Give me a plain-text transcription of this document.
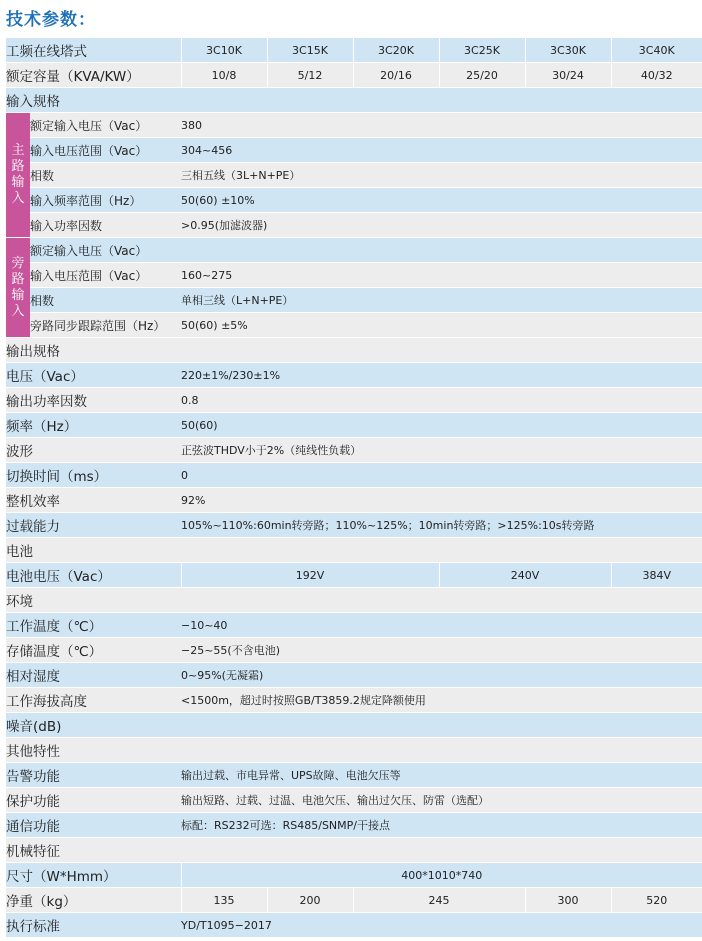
技术参数：
工频在线塔式		3C10K	3C15K	3C20K	3C25K	3C30K	3C40K
额定容量（KVA/KW）		10/8	5/12	20/16	25/20	30/24	40/32
输入规格							

主
路
输
入	额定输入电压（Vac）	380					
	输入电压范围（Vac）	304~456					
	相数	三相五线（3L+N+PE）					
	输入频率范围（Hz）	50(60) ±10%					
	输入功率因数	>0.95(加滤波器)					

旁
路
输
入	额定输入电压（Vac）						
	输入电压范围（Vac）	160~275					
	相数	单相三线（L+N+PE）					
	旁路同步跟踪范围（Hz）	50(60) ±5%					
输出规格							
电压（Vac）		220±1%/230±1%					
输出功率因数		0.8					
频率（Hz）		50(60)					
波形		正弦波THDV小于2%（纯线性负载）					
切换时间（ms）		0					
整机效率		92%					
过载能力		105%~110%:60min转旁路；110%~125%；10min转旁路；>125%:10s转旁路					
电池							
电池电压（Vac）		192V			240V		384V
环境							
工作温度（℃）		−10~40					
存储温度（℃）		−25~55(不含电池)					
相对湿度		0~95%(无凝霜)					
工作海拔高度		<1500m，超过时按照GB/T3859.2规定降额使用					
噪音(dB)							
其他特性							
告警功能		输出过载、市电异常、UPS故障、电池欠压等					
保护功能		输出短路、过载、过温、电池欠压、输出过欠压、防雷（选配）					
通信功能		标配：RS232可选：RS485/SNMP/干接点					
机械特征							
尺寸（W*Hmm）		400*1010*740					
净重（kg）		135	200	245		300	520
执行标准		YD/T1095−2017					
